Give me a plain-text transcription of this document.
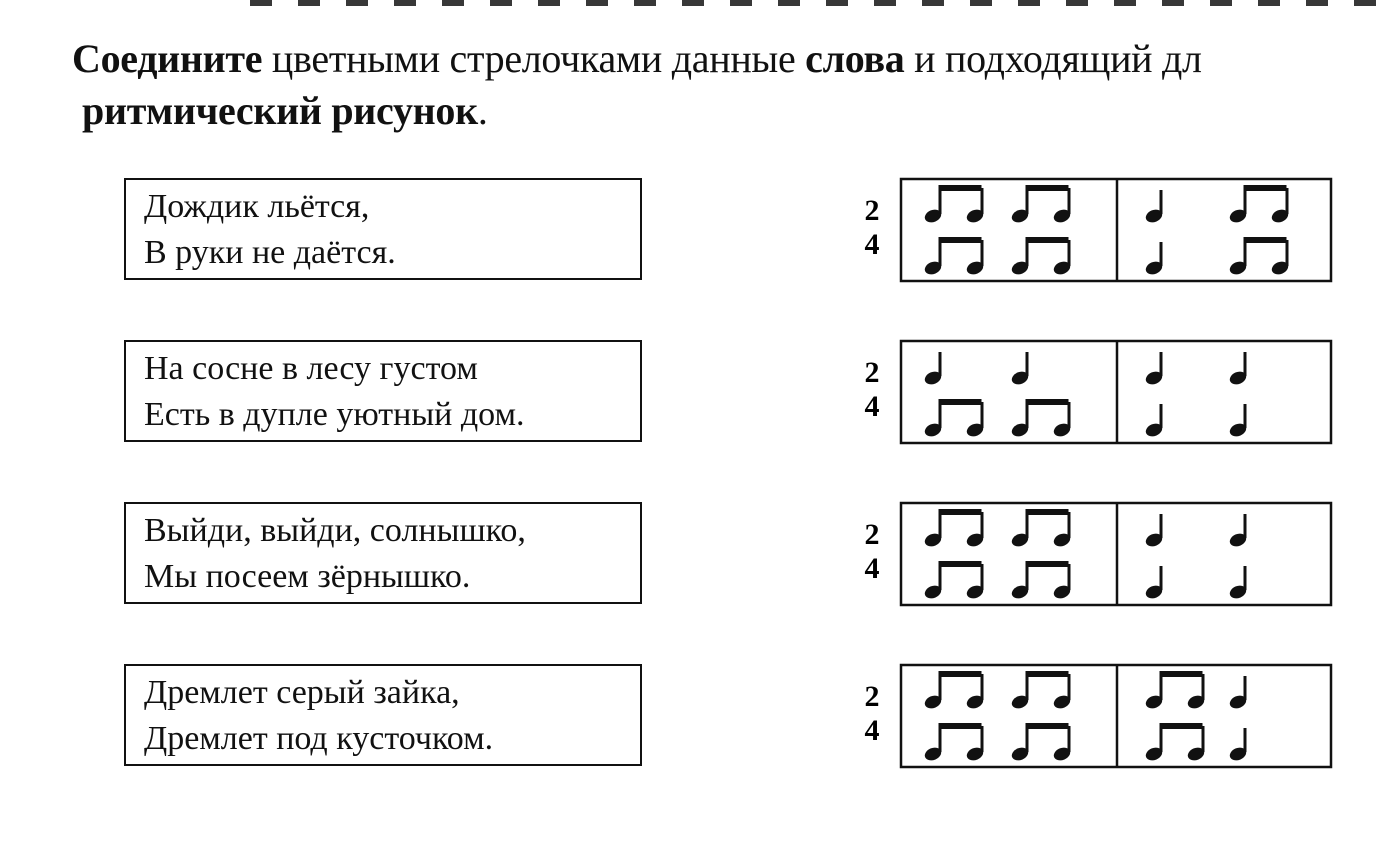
Соедините цветными стрелочками данные слова и подходящий дл
ритмический рисунок.
Дождик льётся,
В руки не даётся.
На сосне в лесу густом
Есть в дупле уютный дом.
Выйди, выйди, солнышко,
Мы посеем зёрнышко.
Дремлет серый зайка,
Дремлет под кусточком.
2
4
2
4
2
4
2
4
